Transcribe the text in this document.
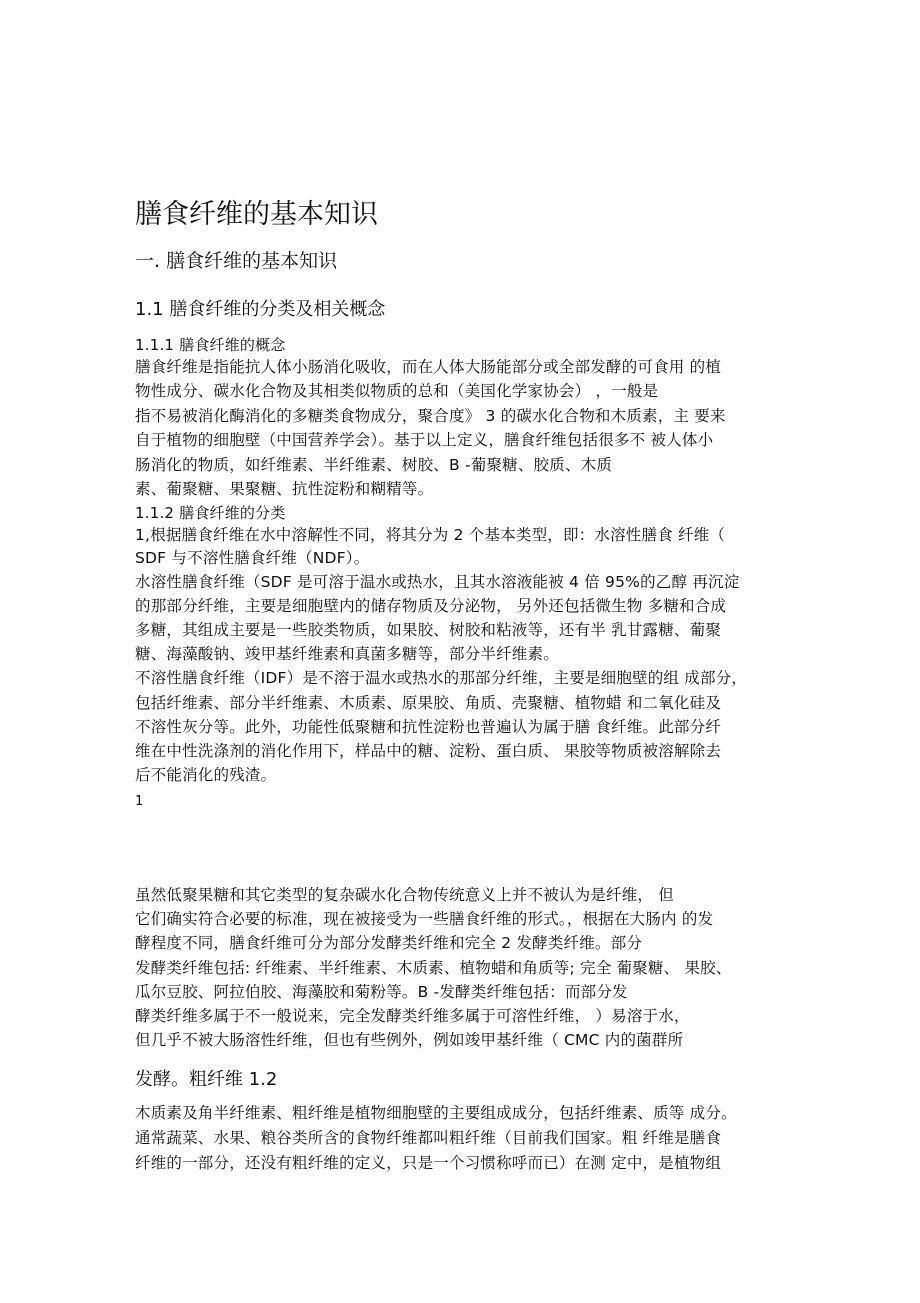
膳食纤维的基本知识
一. 膳食纤维的基本知识
1.1 膳食纤维的分类及相关概念
1.1.1 膳食纤维的概念
膳食纤维是指能抗人体小肠消化吸收，而在人体大肠能部分或全部发酵的可食用 的植
物性成分、碳水化合物及其相类似物质的总和（美国化学家协会） ，一般是
指不易被消化酶消化的多糖类食物成分，聚合度》 3 的碳水化合物和木质素，主 要来
自于植物的细胞壁（中国营养学会）。基于以上定义，膳食纤维包括很多不 被人体小
肠消化的物质，如纤维素、半纤维素、树胶、B -葡聚糖、胶质、木质
素、葡聚糖、果聚糖、抗性淀粉和糊精等。
1.1.2 膳食纤维的分类
1,根据膳食纤维在水中溶解性不同，将其分为 2 个基本类型，即：水溶性膳食 纤维（
SDF 与不溶性膳食纤维（NDF）。
水溶性膳食纤维（SDF 是可溶于温水或热水，且其水溶液能被 4 倍 95%的乙醇 再沉淀
的那部分纤维，主要是细胞壁内的储存物质及分泌物， 另外还包括微生物 多糖和合成
多糖，其组成主要是一些胶类物质，如果胶、树胶和粘液等，还有半 乳甘露糖、葡聚
糖、海藻酸钠、竣甲基纤维素和真菌多糖等，部分半纤维素。
不溶性膳食纤维（IDF）是不溶于温水或热水的那部分纤维，主要是细胞壁的组 成部分，
包括纤维素、部分半纤维素、木质素、原果胶、角质、壳聚糖、植物蜡 和二氧化硅及
不溶性灰分等。此外，功能性低聚糖和抗性淀粉也普遍认为属于膳 食纤维。此部分纤
维在中性洗涤剂的消化作用下，样品中的糖、淀粉、蛋白质、 果胶等物质被溶解除去
后不能消化的残渣。
1
虽然低聚果糖和其它类型的复杂碳水化合物传统意义上并不被认为是纤维， 但
它们确实符合必要的标准，现在被接受为一些膳食纤维的形式。，根据在大肠内 的发
酵程度不同，膳食纤维可分为部分发酵类纤维和完全 2 发酵类纤维。部分
发酵类纤维包括: 纤维素、半纤维素、木质素、植物蜡和角质等; 完全 葡聚糖、 果胶、
瓜尔豆胶、阿拉伯胶、海藻胶和菊粉等。B -发酵类纤维包括：而部分发
酵类纤维多属于不一般说来，完全发酵类纤维多属于可溶性纤维， ）易溶于水，
但几乎不被大肠溶性纤维，但也有些例外，例如竣甲基纤维（ CMC 内的菌群所
发酵。粗纤维 1.2
木质素及角半纤维素、粗纤维是植物细胞壁的主要组成成分，包括纤维素、质等 成分。
通常蔬菜、水果、粮谷类所含的食物纤维都叫粗纤维（目前我们国家。粗 纤维是膳食
纤维的一部分，还没有粗纤维的定义，只是一个习惯称呼而已）在测 定中，是植物组
